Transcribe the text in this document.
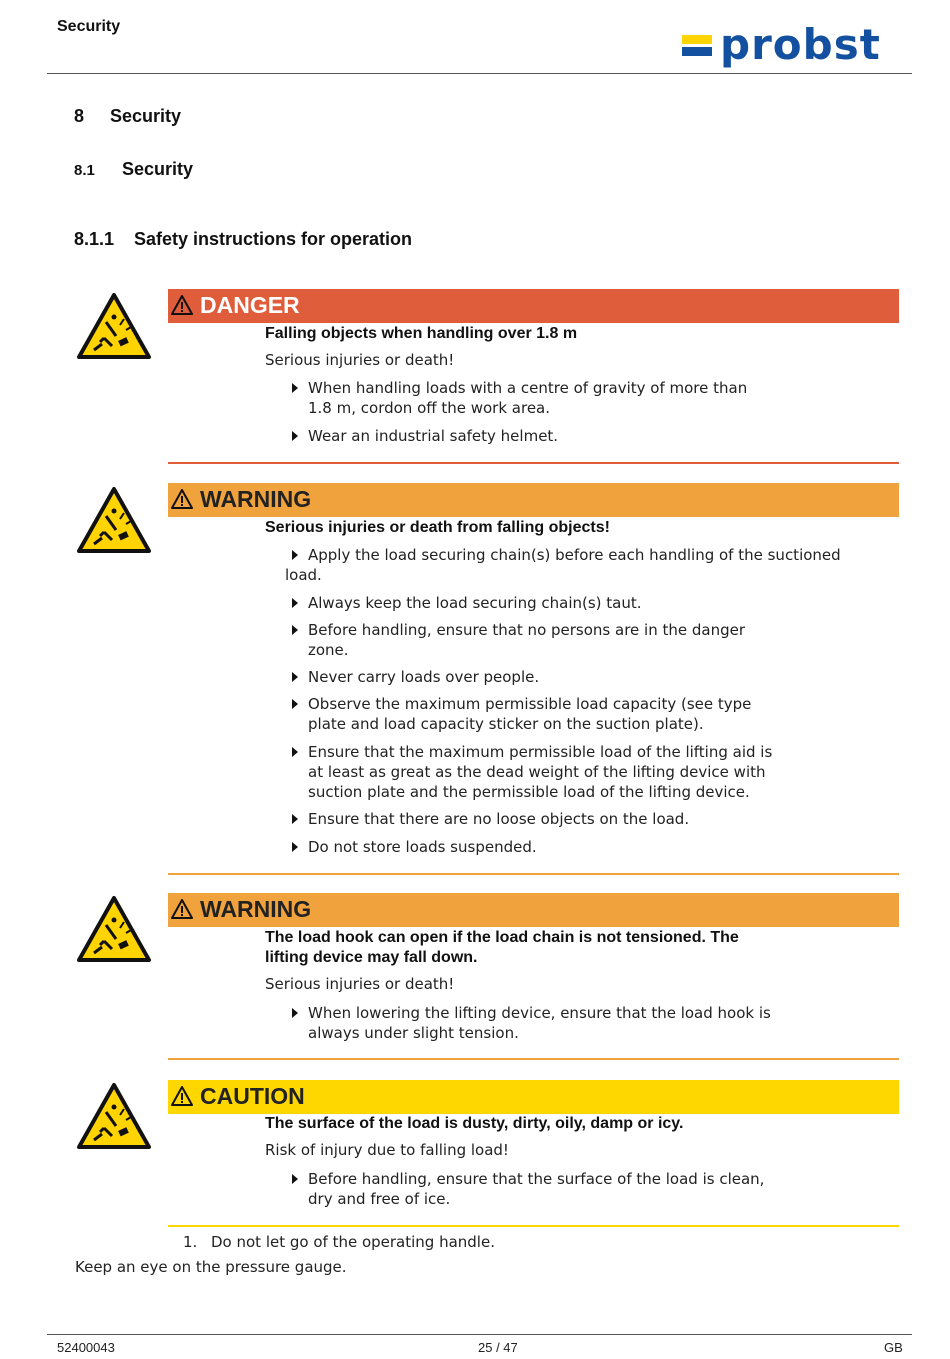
Security	probst
8 Security
8.1 Security
8.1.1 Safety instructions for operation
DANGER
Falling objects when handling over 1.8 m
Serious injuries or death!
When handling loads with a centre of gravity of more than
1.8 m, cordon off the work area.
Wear an industrial safety helmet.
WARNING
Serious injuries or death from falling objects!
Apply the load securing chain(s) before each handling of the suctioned
load.
Always keep the load securing chain(s) taut.
Before handling, ensure that no persons are in the danger
zone.
Never carry loads over people.
Observe the maximum permissible load capacity (see type
plate and load capacity sticker on the suction plate).
Ensure that the maximum permissible load of the lifting aid is
at least as great as the dead weight of the lifting device with
suction plate and the permissible load of the lifting device.
Ensure that there are no loose objects on the load.
Do not store loads suspended.
WARNING
The load hook can open if the load chain is not tensioned. The
lifting device may fall down.
Serious injuries or death!
When lowering the lifting device, ensure that the load hook is
always under slight tension.
CAUTION
The surface of the load is dusty, dirty, oily, damp or icy.
Risk of injury due to falling load!
Before handling, ensure that the surface of the load is clean,
dry and free of ice.
1. Do not let go of the operating handle.
Keep an eye on the pressure gauge.
52400043	25 / 47	GB
